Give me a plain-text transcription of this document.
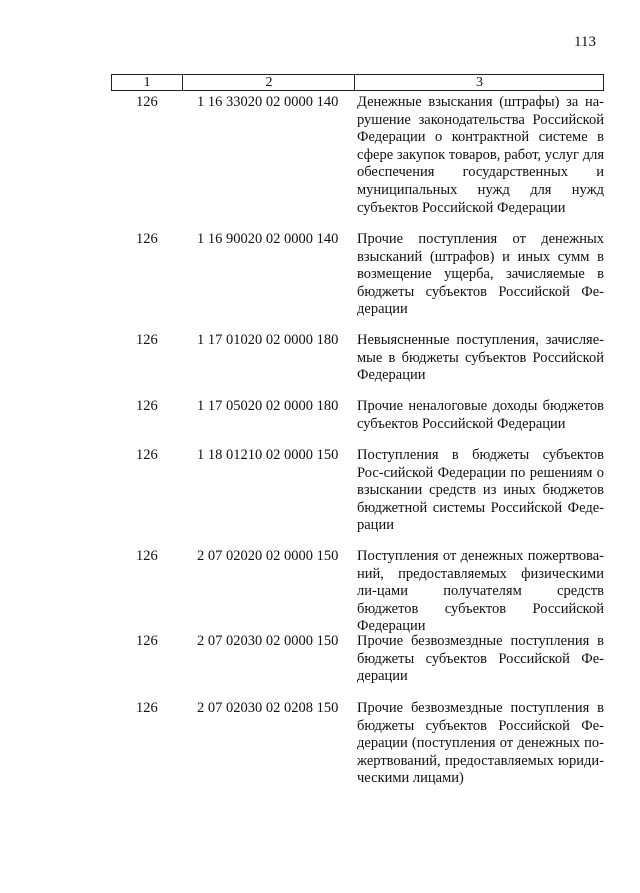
113
1	2	3
126	1 16 33020 02 0000 140 Денежные взыскания (штрафы) за на-рушение законодательства Российской Федерации о контрактной системе в сфере закупок товаров, работ, услуг для обеспечения государственных и муниципальных нужд для нужд субъектов Российской Федерации
126	1 16 90020 02 0000 140 Прочие поступления от денежных взысканий (штрафов) и иных сумм в возмещение ущерба, зачисляемые в бюджеты субъектов Российской Фе-дерации
126	1 17 01020 02 0000 180 Невыясненные поступления, зачисляе-мые в бюджеты субъектов Российской Федерации
126	1 17 05020 02 0000 180 Прочие неналоговые доходы бюджетов субъектов Российской Федерации
126	1 18 01210 02 0000 150 Поступления в бюджеты субъектов Рос-сийской Федерации по решениям о взыскании средств из иных бюджетов бюджетной системы Российской Феде-рации
126	2 07 02020 02 0000 150 Поступления от денежных пожертвова-ний, предоставляемых физическими ли-цами получателям средств бюджетов субъектов Российской Федерации
126	2 07 02030 02 0000 150 Прочие безвозмездные поступления в бюджеты субъектов Российской Фе-дерации
126	2 07 02030 02 0208 150 Прочие безвозмездные поступления в бюджеты субъектов Российской Фе-дерации (поступления от денежных по-жертвований, предоставляемых юриди-ческими лицами)
